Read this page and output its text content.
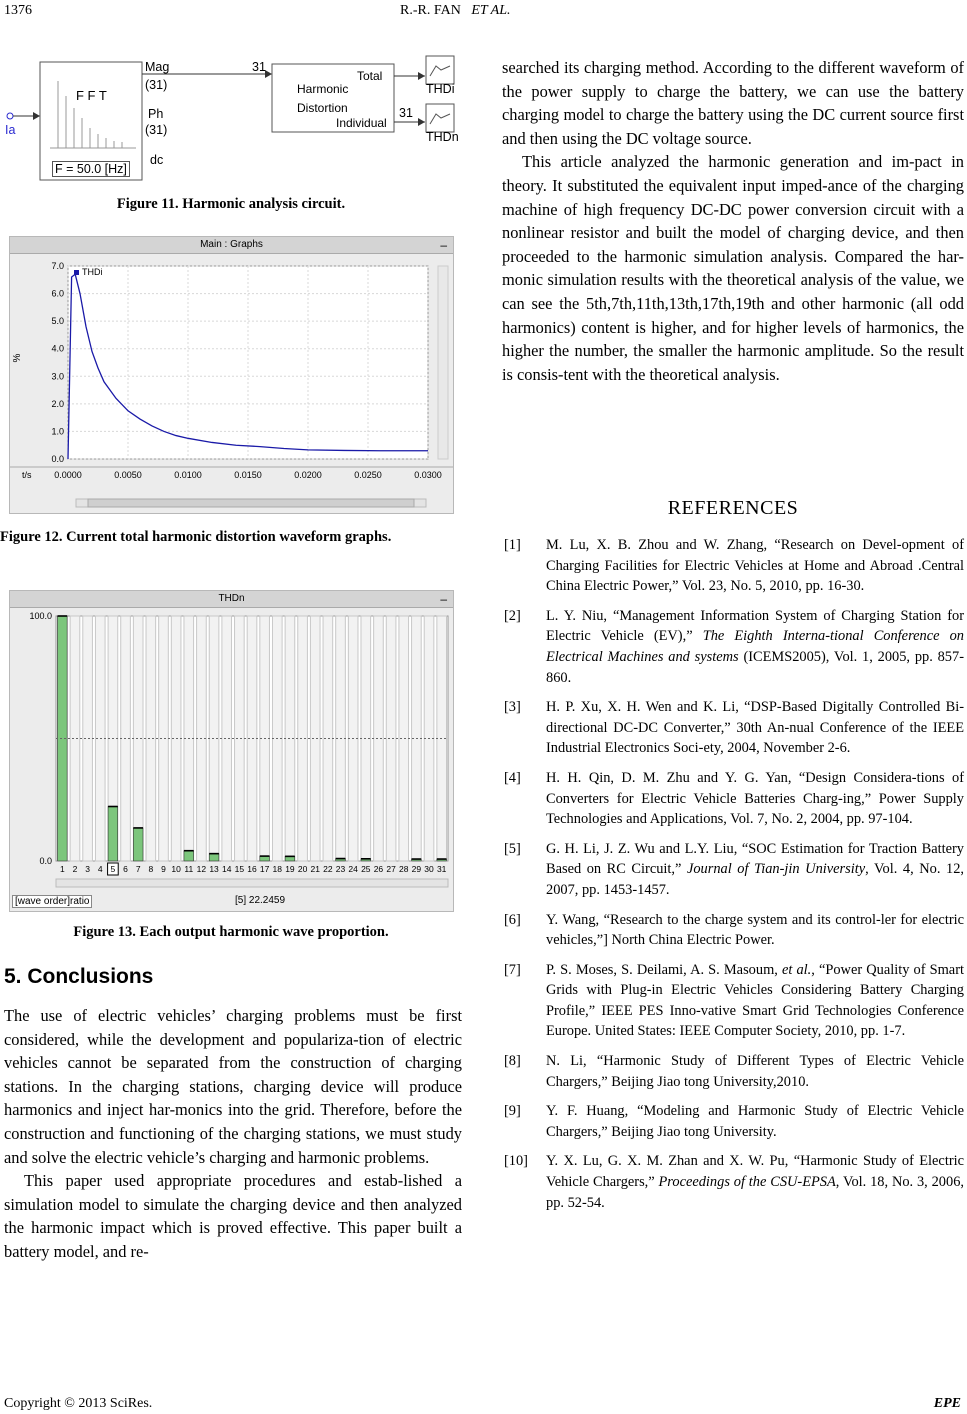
1376	R.-R. FAN ET AL.
Ia
F F T
F = 50.0 [Hz]
Mag
(31)
Ph
(31)
dc
31
Harmonic
Distortion
Total
Individual
31
THDi
THDn
Figure 11. Harmonic analysis circuit.
Main : Graphs	–
0.0
1.0
2.0
3.0
4.0
5.0
6.0
7.0
0.0000	0.0050	0.0100	0.0150	0.0200	0.0250	0.0300
%
t/s
THDi
Figure 12. Current total harmonic distortion waveform graphs.
THDn	–
0.0
100.0
1 2 3 4 5 6 7 8 9 10 11 12 13 14 15 16 17 18 19 20 21 22 23 24 25 26 27 28 29 30 31
[wave order]ratio	[5] 22.2459
Figure 13. Each output harmonic wave proportion.
5. Conclusions

The use of electric vehicles’ charging problems must be first considered, while the development and populariza-tion of electric vehicles cannot be separated from the construction of charging stations. In the charging stations, charging device will produce harmonics and inject har-monics into the grid. Therefore, before the construction and functioning of the charging stations, we must study and solve the electric vehicle’s charging and harmonic problems.

This paper used appropriate procedures and estab-lished a simulation model to simulate the charging device and then analyzed the harmonic impact which is proved effective. This paper built a battery model, and re-

searched its charging method. According to the different waveform of the power supply to charge the battery, we can use the battery charging model to charge the battery using the DC current source first and then using the DC voltage source.

This article analyzed the harmonic generation and im-pact in theory. It substituted the equivalent input imped-ance of the charging machine of high frequency DC-DC power conversion circuit with a nonlinear resistor and built the model of charging device, and then proceeded to the harmonic simulation analysis. Compared the har-monic simulation results with the theoretical analysis of the value, we can see the 5th,7th,11th,13th,17th,19th and other harmonic (all odd harmonics) content is higher, and for higher levels of harmonics, the higher the number, the smaller the harmonic amplitude. So the result is consis-tent with the theoretical analysis.

REFERENCES
[1] M. Lu, X. B. Zhou and W. Zhang, “Research on Devel-opment of Charging Facilities for Electric Vehicles at Home and Abroad .Central China Electric Power,” Vol. 23, No. 5, 2010, pp. 16-30.
[2] L. Y. Niu, “Management Information System of Charging Station for Electric Vehicle (EV),” The Eighth Interna-tional Conference on Electrical Machines and systems (ICEMS2005), Vol. 1, 2005, pp. 857-860.
[3] H. P. Xu, X. H. Wen and K. Li, “DSP-Based Digitally Controlled Bi-directional DC-DC Converter,” 30th An-nual Conference of the IEEE Industrial Electronics Soci-ety, 2004, November 2-6.
[4] H. H. Qin, D. M. Zhu and Y. G. Yan, “Design Considera-tions of Converters for Electric Vehicle Batteries Charg-ing,” Power Supply Technologies and Applications, Vol. 7, No. 2, 2004, pp. 97-104.
[5] G. H. Li, J. Z. Wu and L.Y. Liu, “SOC Estimation for Traction Battery Based on RC Circuit,” Journal of Tian-jin University, Vol. 4, No. 12, 2007, pp. 1453-1457.
[6] Y. Wang, “Research to the charge system and its control-ler for electric vehicles,”] North China Electric Power.
[7] P. S. Moses, S. Deilami, A. S. Masoum, et al., “Power Quality of Smart Grids with Plug-in Electric Vehicles Considering Battery Charging Profile,” IEEE PES Inno-vative Smart Grid Technologies Conference Europe. United States: IEEE Computer Society, 2010, pp. 1-7.
[8] N. Li, “Harmonic Study of Different Types of Electric Vehicle Chargers,” Beijing Jiao tong University,2010.
[9] Y. F. Huang, “Modeling and Harmonic Study of Electric Vehicle Chargers,” Beijing Jiao tong University.
[10] Y. X. Lu, G. X. M. Zhan and X. W. Pu, “Harmonic Study of Electric Vehicle Chargers,” Proceedings of the CSU-EPSA, Vol. 18, No. 3, 2006, pp. 52-54.
Copyright © 2013 SciRes.	EPE
